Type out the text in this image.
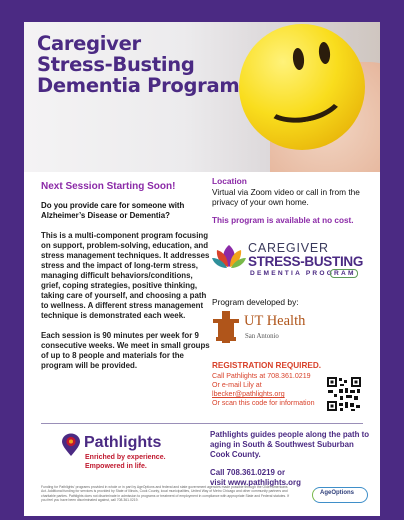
Caregiver
Stress-Busting
Dementia Program
Next Session Starting Soon!
Do you provide care for someone with Alzheimer’s Disease or Dementia?
This is a multi-component program focusing on support, problem-solving, education, and stress management techniques. It addresses stress and the impact of long-term stress, managing difficult behaviors/conditions, grief, coping strategies, positive thinking, taking care of yourself, and choosing a path to wellness. A different stress management technique is demonstrated each week.
Each session is 90 minutes per week for 9 consecutive weeks. We meet in small groups of up to 8 people and materials for the program will be provided.
Location
Virtual via Zoom video or call in from the privacy of your own home.
This program is available at no cost.
CAREGIVER
STRESS-BUSTING
DEMENTIA PROGRAM
Program developed by:
UT Health
San Antonio
REGISTRATION REQUIRED.
Call Pathlights at 708.361.0219
Or e-mail Lily at
lbecker@pathlights.org
Or scan this code for information
Pathlights
Enriched by experience.
Empowered in life.
Pathlights guides people along the path to aging in South & Southwest Suburban Cook County.
Call 708.361.0219 or
visit www.pathlights.org
Funding for Pathlights' programs provided in whole or in part by AgeOptions and federal and state government agencies made possible through the Older Americans Act. Additional funding for services is provided by State of Illinois, Cook County, local municipalities, United Way of Metro Chicago and other community partners and charitable parties. Pathlights does not discriminate in admission to programs or treatment of employment in compliance with appropriate State and Federal statutes. If you feel you have been discriminated against, call 708.361.0219.
AgeOptions
